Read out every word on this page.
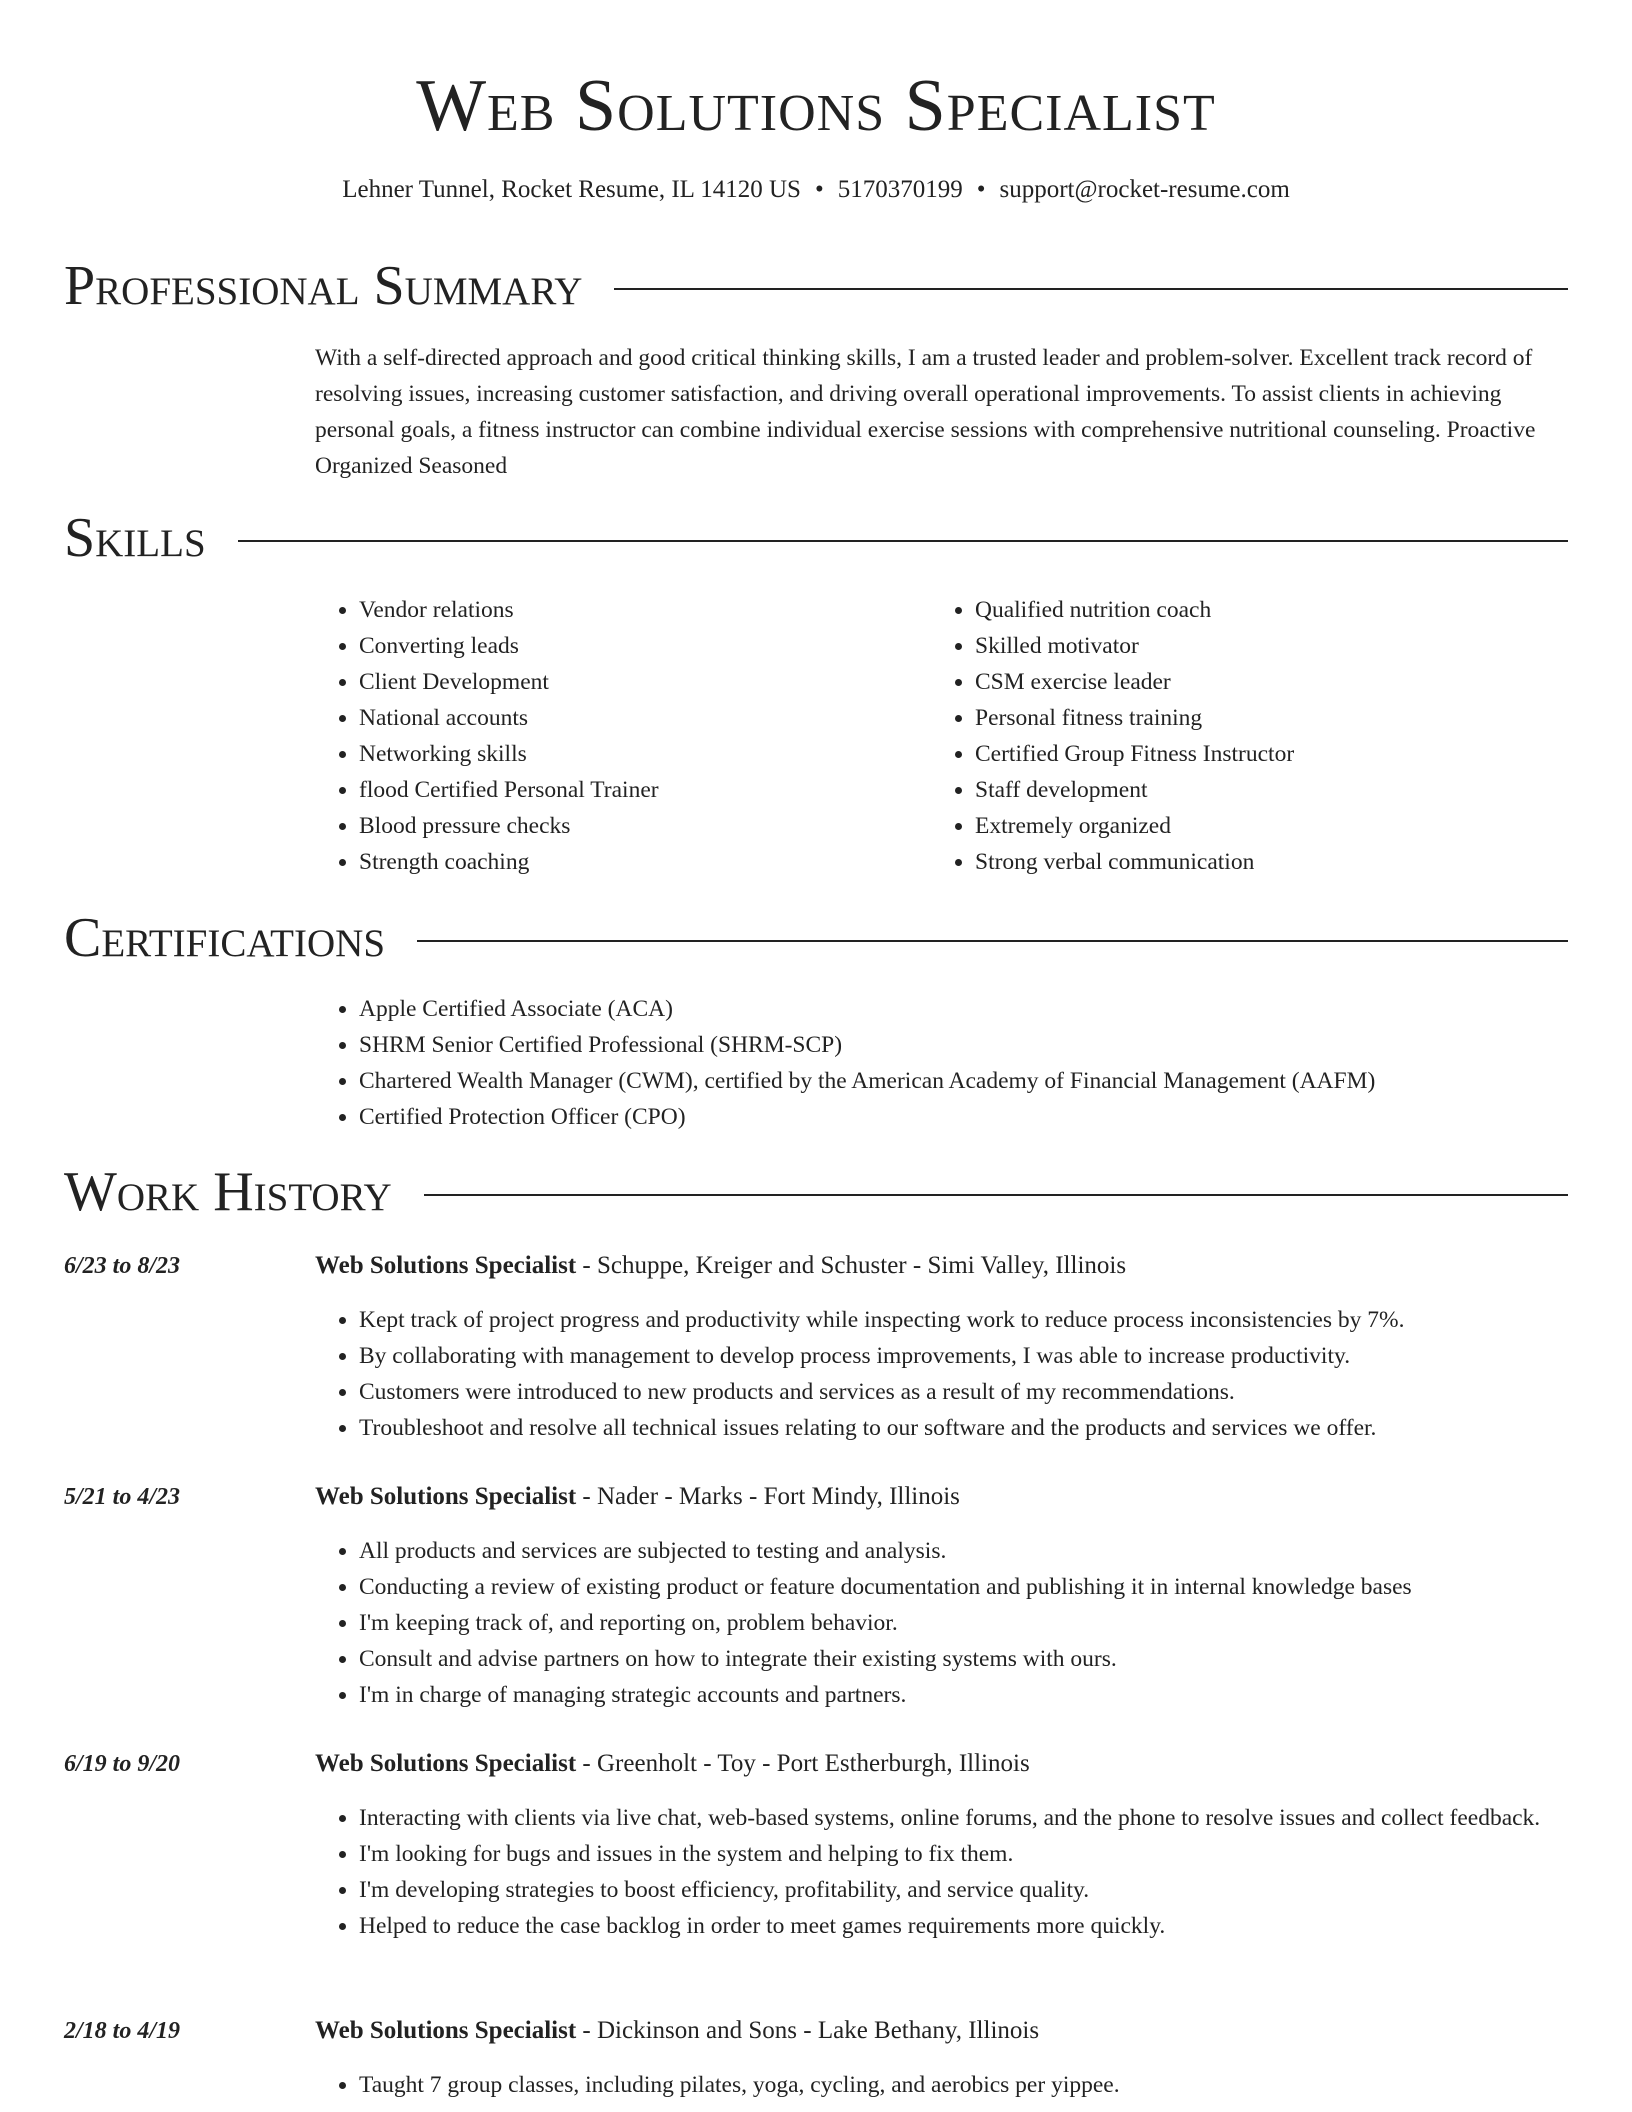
Web Solutions Specialist
Lehner Tunnel, Rocket Resume, IL 14120 US • 5170370199 • support@rocket-resume.com
Professional Summary
With a self-directed approach and good critical thinking skills, I am a trusted leader and problem-solver. Excellent track record of resolving issues, increasing customer satisfaction, and driving overall operational improvements. To assist clients in achieving personal goals, a fitness instructor can combine individual exercise sessions with comprehensive nutritional counseling. Proactive Organized Seasoned
Skills
• Vendor relations
• Converting leads
• Client Development
• National accounts
• Networking skills
• flood Certified Personal Trainer
• Blood pressure checks
• Strength coaching
• Qualified nutrition coach
• Skilled motivator
• CSM exercise leader
• Personal fitness training
• Certified Group Fitness Instructor
• Staff development
• Extremely organized
• Strong verbal communication
Certifications
• Apple Certified Associate (ACA)
• SHRM Senior Certified Professional (SHRM-SCP)
• Chartered Wealth Manager (CWM), certified by the American Academy of Financial Management (AAFM)
• Certified Protection Officer (CPO)
Work History
6/23 to 8/23	Web Solutions Specialist - Schuppe, Kreiger and Schuster - Simi Valley, Illinois
• Kept track of project progress and productivity while inspecting work to reduce process inconsistencies by 7%.
• By collaborating with management to develop process improvements, I was able to increase productivity.
• Customers were introduced to new products and services as a result of my recommendations.
• Troubleshoot and resolve all technical issues relating to our software and the products and services we offer.
5/21 to 4/23	Web Solutions Specialist - Nader - Marks - Fort Mindy, Illinois
• All products and services are subjected to testing and analysis.
• Conducting a review of existing product or feature documentation and publishing it in internal knowledge bases
• I'm keeping track of, and reporting on, problem behavior.
• Consult and advise partners on how to integrate their existing systems with ours.
• I'm in charge of managing strategic accounts and partners.
6/19 to 9/20	Web Solutions Specialist - Greenholt - Toy - Port Estherburgh, Illinois
• Interacting with clients via live chat, web-based systems, online forums, and the phone to resolve issues and collect feedback.
• I'm looking for bugs and issues in the system and helping to fix them.
• I'm developing strategies to boost efficiency, profitability, and service quality.
• Helped to reduce the case backlog in order to meet games requirements more quickly.
2/18 to 4/19	Web Solutions Specialist - Dickinson and Sons - Lake Bethany, Illinois
• Taught 7 group classes, including pilates, yoga, cycling, and aerobics per yippee.
